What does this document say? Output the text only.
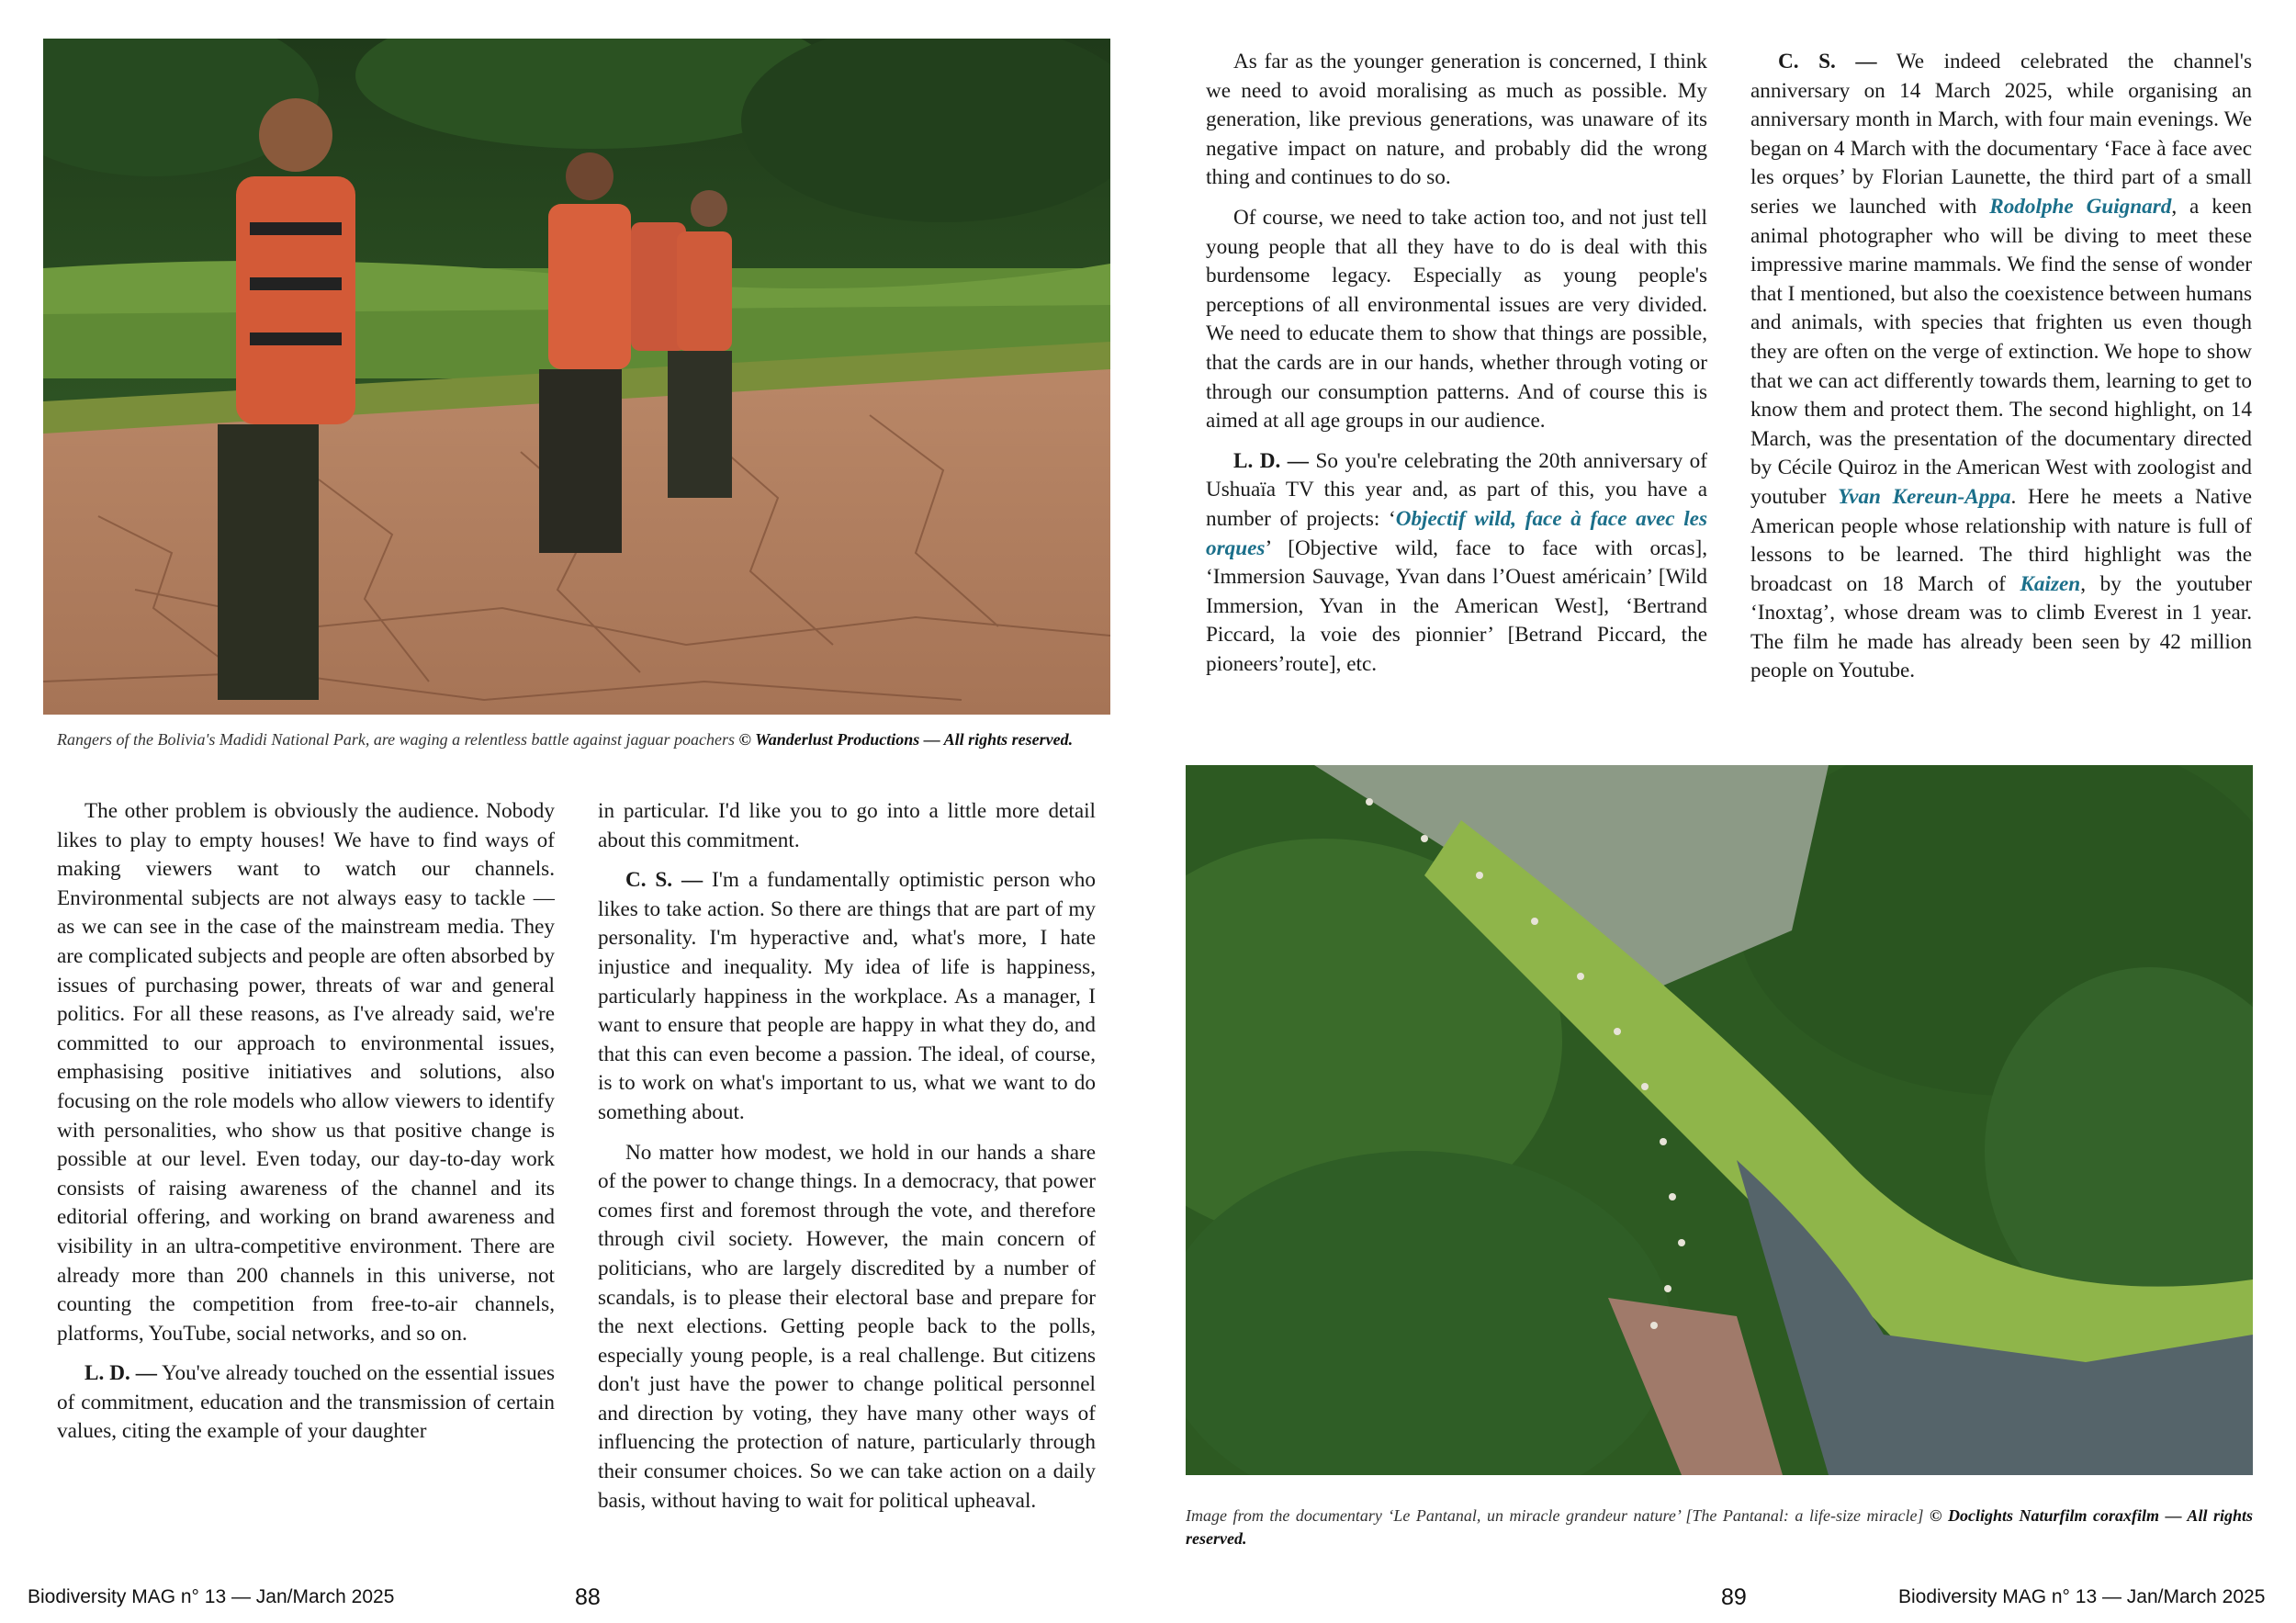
Rangers of the Bolivia's Madidi National Park, are waging a relentless battle against jaguar poachers © Wanderlust Productions — All rights reserved.

The other problem is obviously the audience. Nobody likes to play to empty houses! We have to find ways of making viewers want to watch our channels. Environmental subjects are not always easy to tackle — as we can see in the case of the mainstream media. They are complicated subjects and people are often absorbed by issues of purchasing power, threats of war and general politics. For all these reasons, as I've already said, we're committed to our approach to environmental issues, emphasising positive initiatives and solutions, also focusing on the role models who allow viewers to identify with personalities, who show us that positive change is possible at our level. Even today, our day-to-day work consists of raising awareness of the channel and its editorial offering, and working on brand awareness and visibility in an ultra-competitive environment. There are already more than 200 channels in this universe, not counting the competition from free-to-air channels, platforms, YouTube, social networks, and so on.

L. D. — You've already touched on the essential issues of commitment, education and the transmission of certain values, citing the example of your daughter

in particular. I'd like you to go into a little more detail about this commitment.

C. S. — I'm a fundamentally optimistic person who likes to take action. So there are things that are part of my personality. I'm hyperactive and, what's more, I hate injustice and inequality. My idea of life is happiness, particularly happiness in the workplace. As a manager, I want to ensure that people are happy in what they do, and that this can even become a passion. The ideal, of course, is to work on what's important to us, what we want to do something about.

No matter how modest, we hold in our hands a share of the power to change things. In a democracy, that power comes first and foremost through the vote, and therefore through civil society. However, the main concern of politicians, who are largely discredited by a number of scandals, is to please their electoral base and prepare for the next elections. Getting people back to the polls, especially young people, is a real challenge. But citizens don't just have the power to change political personnel and direction by voting, they have many other ways of influencing the protection of nature, particularly through their consumer choices. So we can take action on a daily basis, without having to wait for political upheaval.

Biodiversity MAG n° 13 — Jan/March 2025	88

As far as the younger generation is concerned, I think we need to avoid moralising as much as possible. My generation, like previous generations, was unaware of its negative impact on nature, and probably did the wrong thing and continues to do so.

Of course, we need to take action too, and not just tell young people that all they have to do is deal with this burdensome legacy. Especially as young people's perceptions of all environmental issues are very divided. We need to educate them to show that things are possible, that the cards are in our hands, whether through voting or through our consumption patterns. And of course this is aimed at all age groups in our audience.

L. D. — So you're celebrating the 20th anniversary of Ushuaïa TV this year and, as part of this, you have a number of projects: ‘Objectif wild, face à face avec les orques’ [Objective wild, face to face with orcas], ‘Immersion Sauvage, Yvan dans l’Ouest américain’ [Wild Immersion, Yvan in the American West], ‘Bertrand Piccard, la voie des pionnier’ [Betrand Piccard, the pioneers’route], etc.

C. S. — We indeed celebrated the channel's anniversary on 14 March 2025, while organising an anniversary month in March, with four main evenings. We began on 4 March with the documentary ‘Face à face avec les orques’ by Florian Launette, the third part of a small series we launched with Rodolphe Guignard, a keen animal photographer who will be diving to meet these impressive marine mammals. We find the sense of wonder that I mentioned, but also the coexistence between humans and animals, with species that frighten us even though they are often on the verge of extinction. We hope to show that we can act differently towards them, learning to get to know them and protect them. The second highlight, on 14 March, was the presentation of the documentary directed by Cécile Quiroz in the American West with zoologist and youtuber Yvan Kereun-Appa. Here he meets a Native American people whose relationship with nature is full of lessons to be learned. The third highlight was the broadcast on 18 March of Kaizen, by the youtuber ‘Inoxtag’, whose dream was to climb Everest in 1 year. The film he made has already been seen by 42 million people on Youtube.

Image from the documentary ‘Le Pantanal, un miracle grandeur nature’ [The Pantanal: a life-size miracle] © Doclights Naturfilm coraxfilm — All rights reserved.
89	Biodiversity MAG n° 13 — Jan/March 2025
